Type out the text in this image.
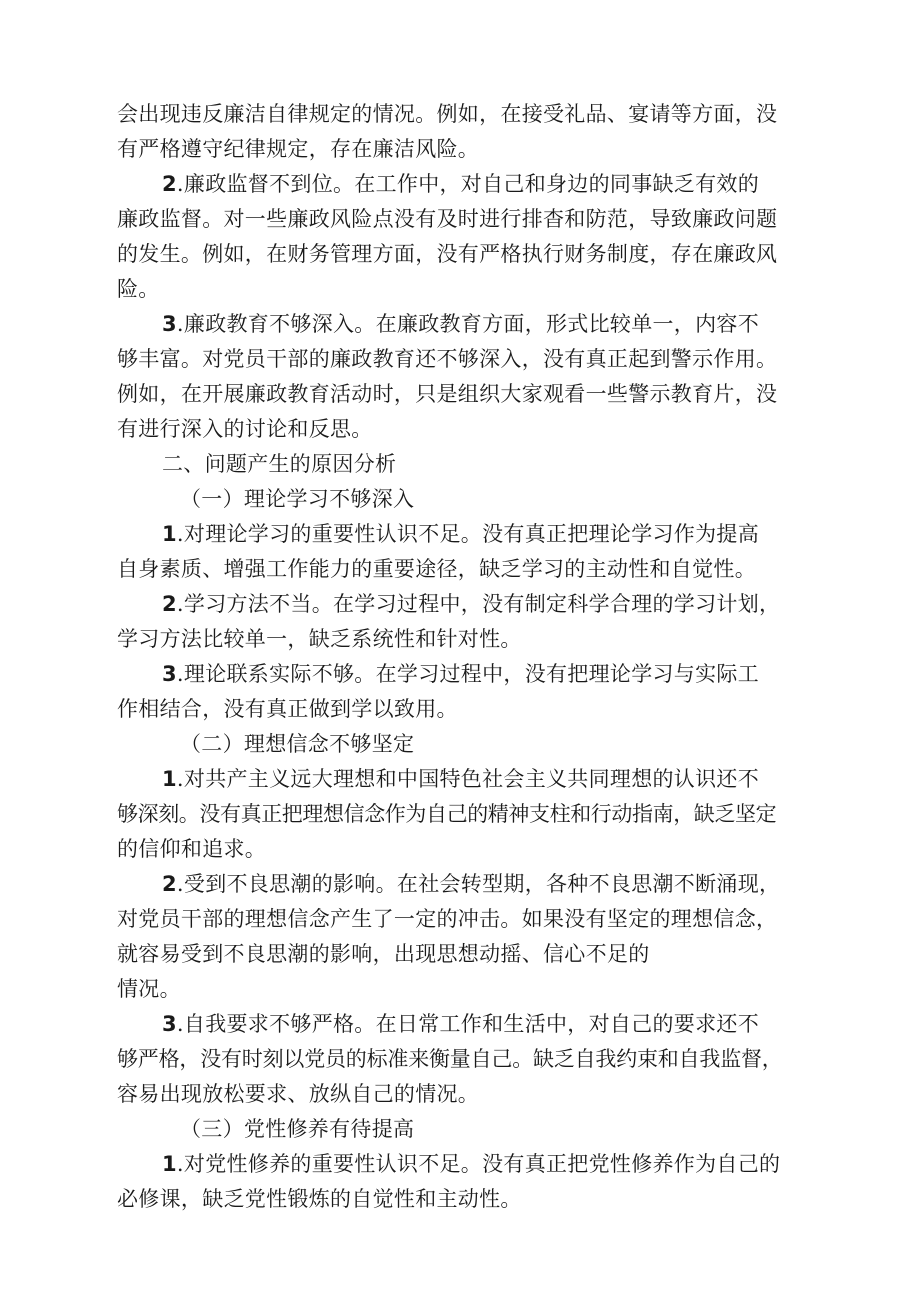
会出现违反廉洁自律规定的情况。例如，在接受礼品、宴请等方面，没
有严格遵守纪律规定，存在廉洁风险。
2.廉政监督不到位。在工作中，对自己和身边的同事缺乏有效的
廉政监督。对一些廉政风险点没有及时进行排杳和防范，导致廉政问题
的发生。例如，在财务管理方面，没有严格执行财务制度，存在廉政风
险。
3.廉政教育不够深入。在廉政教育方面，形式比较单一，内容不
够丰富。对党员干部的廉政教育还不够深入，没有真正起到警示作用。
例如，在开展廉政教育活动时，只是组织大家观看一些警示教育片，没
有进行深入的讨论和反思。
二、问题产生的原因分析
（一）理论学习不够深入
1.对理论学习的重要性认识不足。没有真正把理论学习作为提高
自身素质、增强工作能力的重要途径，缺乏学习的主动性和自觉性。
2.学习方法不当。在学习过程中，没有制定科学合理的学习计划，
学习方法比较单一，缺乏系统性和针对性。
3.理论联系实际不够。在学习过程中，没有把理论学习与实际工
作相结合，没有真正做到学以致用。
（二）理想信念不够坚定
1.对共产主义远大理想和中国特色社会主义共同理想的认识还不
够深刻。没有真正把理想信念作为自己的精神支柱和行动指南，缺乏坚定
的信仰和追求。
2.受到不良思潮的影响。在社会转型期，各种不良思潮不断涌现，
对党员干部的理想信念产生了一定的冲击。如果没有坚定的理想信念，
就容易受到不良思潮的影响，出现思想动摇、信心不足的
情况。
3.自我要求不够严格。在日常工作和生活中，对自己的要求还不
够严格，没有时刻以党员的标准来衡量自己。缺乏自我约束和自我监督，
容易出现放松要求、放纵自己的情况。
（三）党性修养有待提高
1.对党性修养的重要性认识不足。没有真正把党性修养作为自己的
必修课，缺乏党性锻炼的自觉性和主动性。
